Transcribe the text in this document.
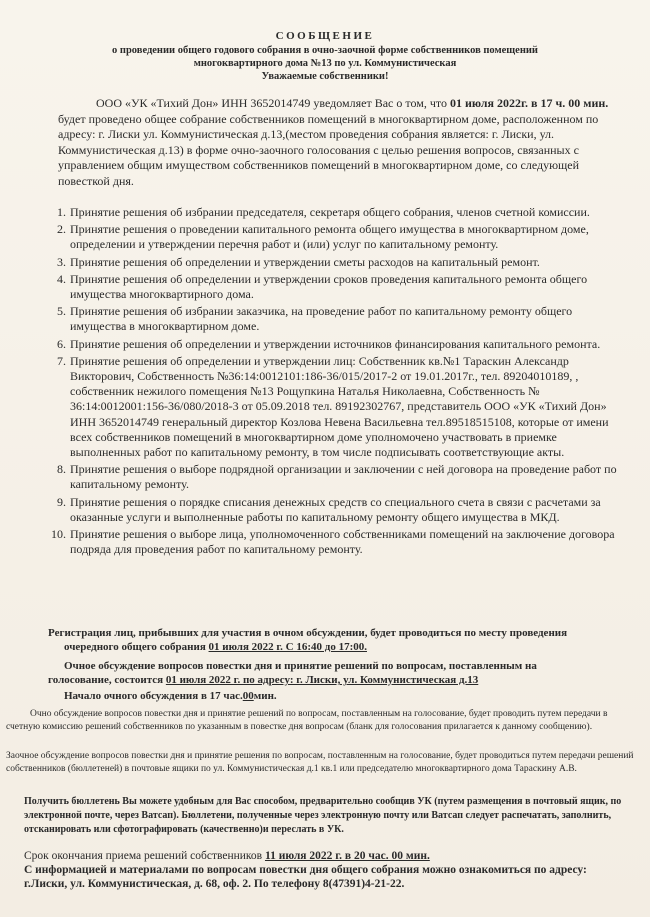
СООБЩЕНИЕ
о проведении общего годового собрания в очно-заочной форме собственников помещений
многоквартирного дома №13 по ул. Коммунистическая
Уважаемые собственники!

ООО «УК «Тихий Дон» ИНН 3652014749 уведомляет Вас о том, что 01 июля 2022г. в 17 ч. 00 мин. будет проведено общее собрание собственников помещений в многоквартирном доме, расположенном по адресу: г. Лиски ул. Коммунистическая д.13,(местом проведения собрания является: г. Лиски, ул. Коммунистическая д.13) в форме очно-заочного голосования с целью решения вопросов, связанных с управлением общим имуществом собственников помещений в многоквартирном доме, со следующей повесткой дня.

1. Принятие решения об избрании председателя, секретаря общего собрания, членов счетной комиссии.
2. Принятие решения о проведении капитального ремонта общего имущества в многоквартирном доме, определении и утверждении перечня работ и (или) услуг по капитальному ремонту.
3. Принятие решения об определении и утверждении сметы расходов на капитальный ремонт.
4. Принятие решения об определении и утверждении сроков проведения капитального ремонта общего имущества многоквартирного дома.
5. Принятие решения об избрании заказчика, на проведение работ по капитальному ремонту общего имущества в многоквартирном доме.
6. Принятие решения об определении и утверждении источников финансирования капитального ремонта.
7. Принятие решения об определении и утверждении лиц: Собственник кв.№1 Тараскин Александр Викторович, Собственность №36:14:0012101:186-36/015/2017-2 от 19.01.2017г., тел. 89204010189, , собственник нежилого помещения №13 Рощупкина Наталья Николаевна, Собственность № 36:14:0012001:156-36/080/2018-3 от 05.09.2018 тел. 89192302767, представитель ООО «УК «Тихий Дон» ИНН 3652014749 генеральный директор Козлова Невена Васильевна тел.89518515108, которые от имени всех собственников помещений в многоквартирном доме уполномочено участвовать в приемке выполненных работ по капитальному ремонту, в том числе подписывать соответствующие акты.
8. Принятие решения о выборе подрядной организации и заключении с ней договора на проведение работ по капитальному ремонту.
9. Принятие решения о порядке списания денежных средств со специального счета в связи с расчетами за оказанные услуги и выполненные работы по капитальному ремонту общего имущества в МКД.
10. Принятие решения о выборе лица, уполномоченного собственниками помещений на заключение договора подряда для проведения работ по капитальному ремонту.
Регистрация лиц, прибывших для участия в очном обсуждении, будет проводиться по месту проведения
очередного общего собрания 01 июля 2022 г. С 16:40 до 17:00.
Очное обсуждение вопросов повестки дня и принятие решений по вопросам, поставленным на
голосование, состоится 01 июля 2022 г. по адресу: г. Лиски, ул. Коммунистическая д.13
Начало очного обсуждения в 17 час.00мин.
Очно обсуждение вопросов повестки дня и принятие решений по вопросам, поставленным на голосование, будет проводить путем передачи в счетную комиссию решений собственников по указанным в повестке дня вопросам (бланк для голосования прилагается к данному сообщению).
Заочное обсуждение вопросов повестки дня и принятие решения по вопросам, поставленным на голосование, будет проводиться путем передачи решений собственников (бюллетеней) в почтовые ящики по ул. Коммунистическая д.1 кв.1 или председателю многоквартирного дома Тараскину А.В.
Получить бюллетень Вы можете удобным для Вас способом, предварительно сообщив УК (путем размещения в почтовый ящик, по электронной почте, через Ватсап). Бюллетени, полученные через электронную почту или Ватсап следует распечатать, заполнить, отсканировать или сфотографировать (качественно)и переслать в УК.
Срок окончания приема решений собственников 11 июля 2022 г. в 20 час. 00 мин.
С информацией и материалами по вопросам повестки дня общего собрания можно ознакомиться по адресу:
г.Лиски, ул. Коммунистическая, д. 68, оф. 2. По телефону 8(47391)4-21-22.
